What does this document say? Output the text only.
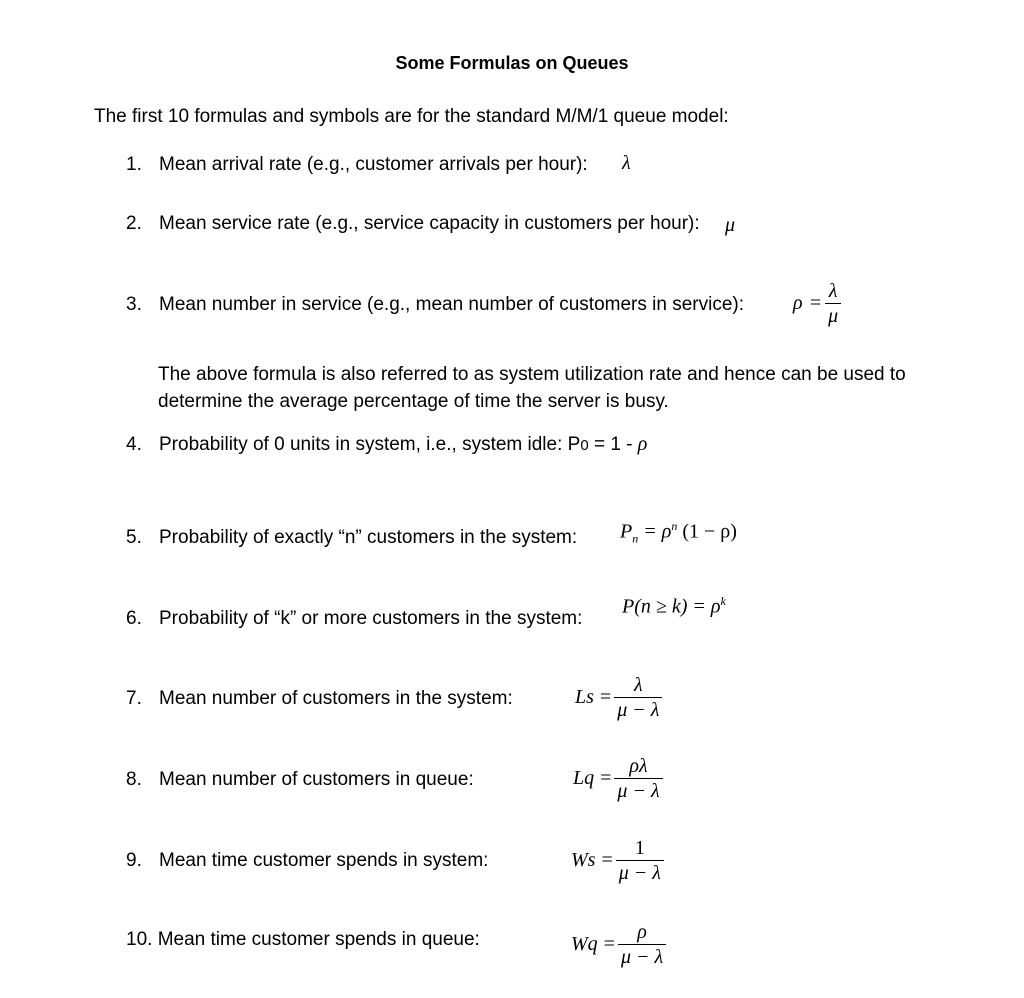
Some Formulas on Queues
The first 10 formulas and symbols are for the standard M/M/1 queue model:
1. Mean arrival rate (e.g., customer arrivals per hour): λ
2. Mean service rate (e.g., service capacity in customers per hour): μ
3. Mean number in service (e.g., mean number of customers in service): $\rho = \frac{\lambda}{\mu}$
The above formula is also referred to as system utilization rate and hence can be used to determine the average percentage of time the server is busy.
4. Probability of 0 units in system, i.e., system idle: P0 = 1 - ρ
5. Probability of exactly “n” customers in the system: $P_n = \rho^n$ (1 − ρ)
6. Probability of “k” or more customers in the system:
$P(n \ge k) = \rho^k$
7. Mean number of customers in the system:	$Ls = \frac{\lambda}{\mu - \lambda}$
8. Mean number of customers in queue:	$Lq = \frac{\rho\lambda}{\mu - \lambda}$
9. Mean time customer spends in system:	$Ws = \frac{1}{\mu - \lambda}$
10. Mean time customer spends in queue:	$Wq = \frac{\rho}{\mu - \lambda}$
